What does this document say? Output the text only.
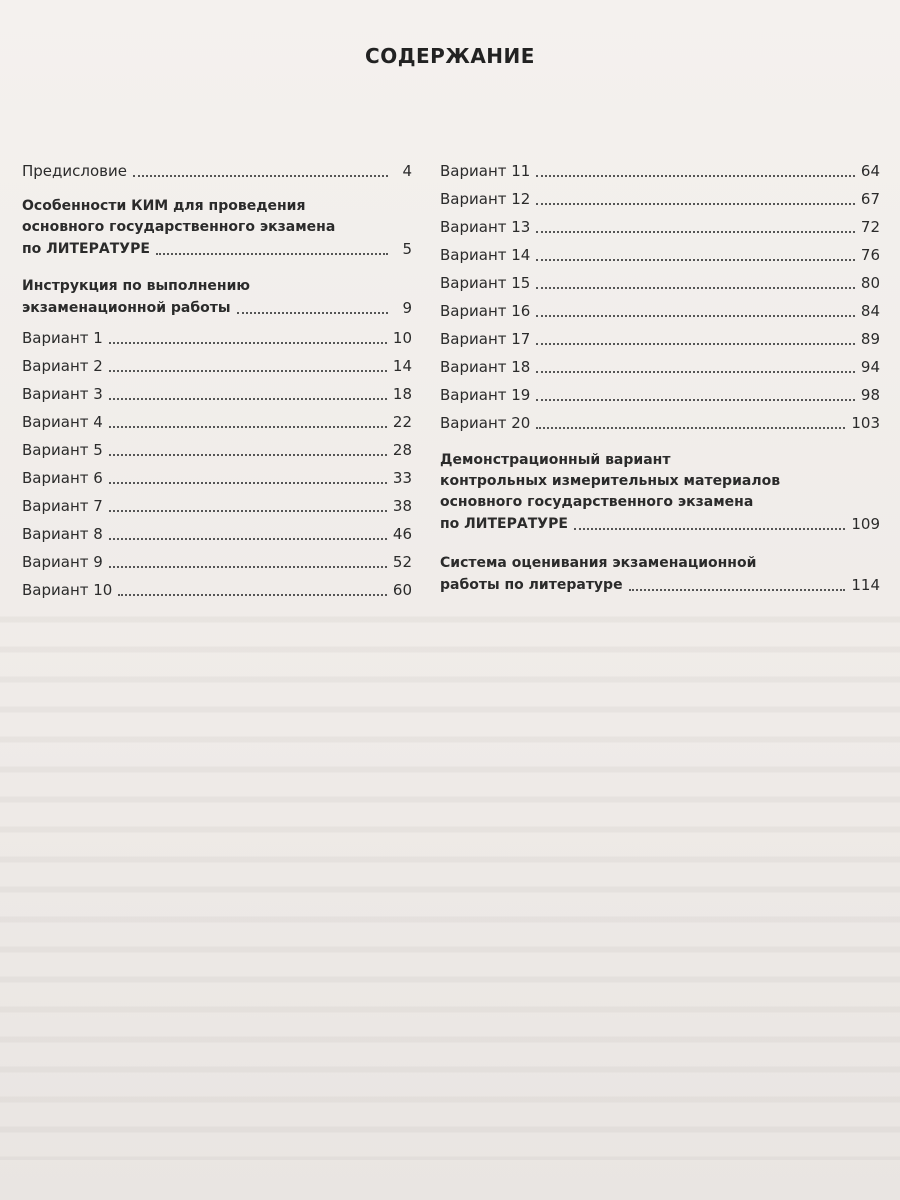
СОДЕРЖАНИЕ
Предисловие	4
Особенности КИМ для проведения
основного государственного экзамена
по ЛИТЕРАТУРЕ	5
Инструкция по выполнению
экзаменационной работы	9
Вариант 1	10
Вариант 2	14
Вариант 3	18
Вариант 4	22
Вариант 5	28
Вариант 6	33
Вариант 7	38
Вариант 8	46
Вариант 9	52
Вариант 10	60
Вариант 11	64
Вариант 12	67
Вариант 13	72
Вариант 14	76
Вариант 15	80
Вариант 16	84
Вариант 17	89
Вариант 18	94
Вариант 19	98
Вариант 20	103
Демонстрационный вариант
контрольных измерительных материалов
основного государственного экзамена
по ЛИТЕРАТУРЕ	109
Система оценивания экзаменационной
работы по литературе	114
